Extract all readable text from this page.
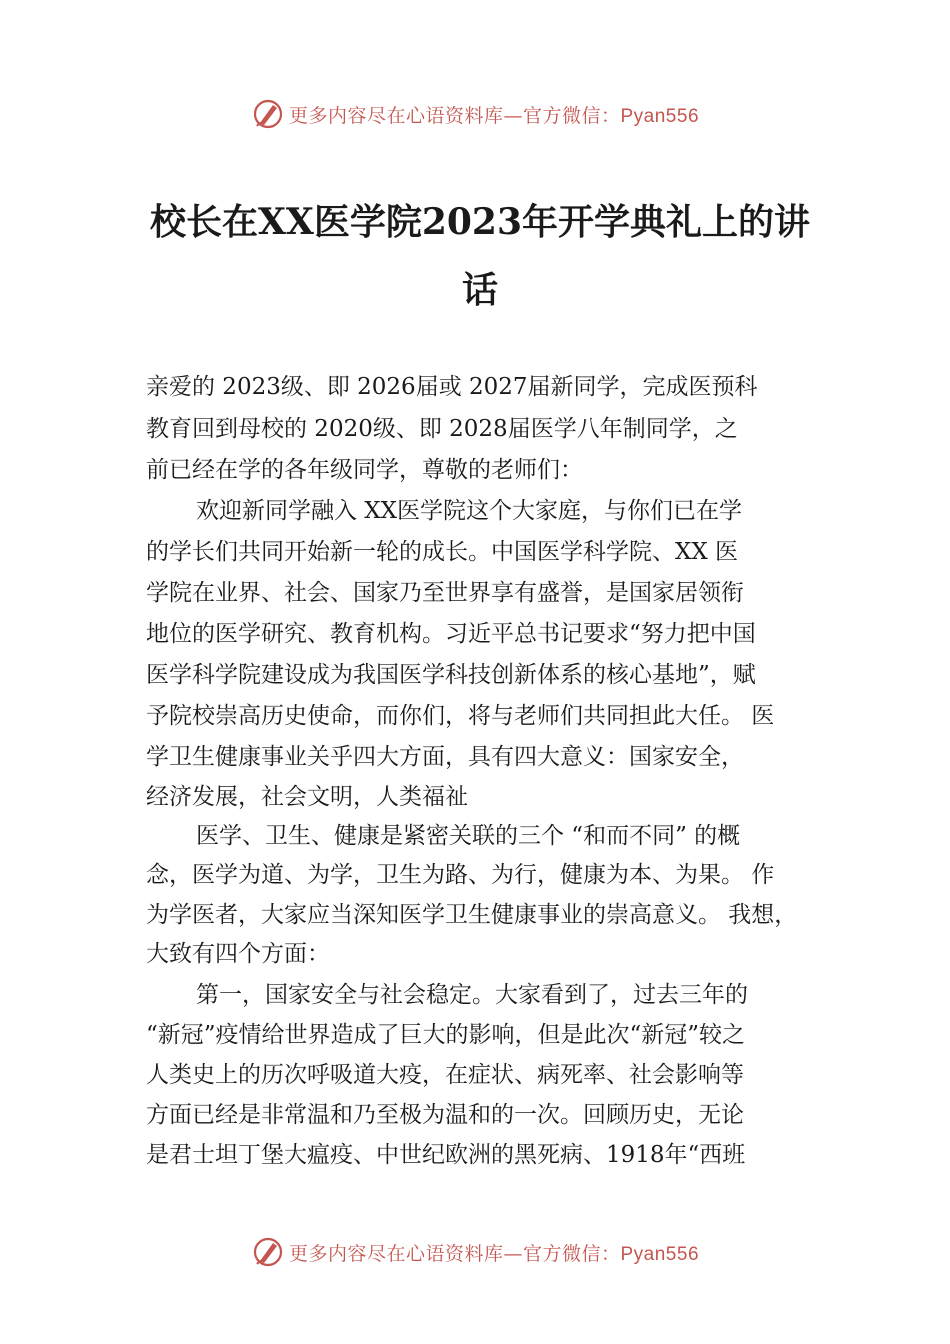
更多内容尽在心语资料库—官方微信：Pyan556
校长在XX医学院2023年开学典礼上的讲
话
亲爱的 2023级、即 2026届或 2027届新同学，完成医预科
教育回到母校的 2020级、即 2028届医学八年制同学，之
前已经在学的各年级同学，尊敬的老师们：
欢迎新同学融入 XX医学院这个大家庭，与你们已在学
的学长们共同开始新一轮的成长。中国医学科学院、XX 医
学院在业界、社会、国家乃至世界享有盛誉，是国家居领衔
地位的医学研究、教育机构。习近平总书记要求“努力把中国
医学科学院建设成为我国医学科技创新体系的核心基地”，赋
予院校崇高历史使命，而你们，将与老师们共同担此大任。 医
学卫生健康事业关乎四大方面，具有四大意义：国家安全，
经济发展，社会文明，人类福祉
医学、卫生、健康是紧密关联的三个 “和而不同” 的概
念，医学为道、为学，卫生为路、为行，健康为本、为果。 作
为学医者，大家应当深知医学卫生健康事业的崇高意义。 我想，
大致有四个方面：
第一，国家安全与社会稳定。大家看到了，过去三年的
“新冠”疫情给世界造成了巨大的影响，但是此次“新冠”较之
人类史上的历次呼吸道大疫，在症状、病死率、社会影响等
方面已经是非常温和乃至极为温和的一次。回顾历史，无论
是君士坦丁堡大瘟疫、中世纪欧洲的黑死病、1918年“西班
更多内容尽在心语资料库—官方微信：Pyan556
